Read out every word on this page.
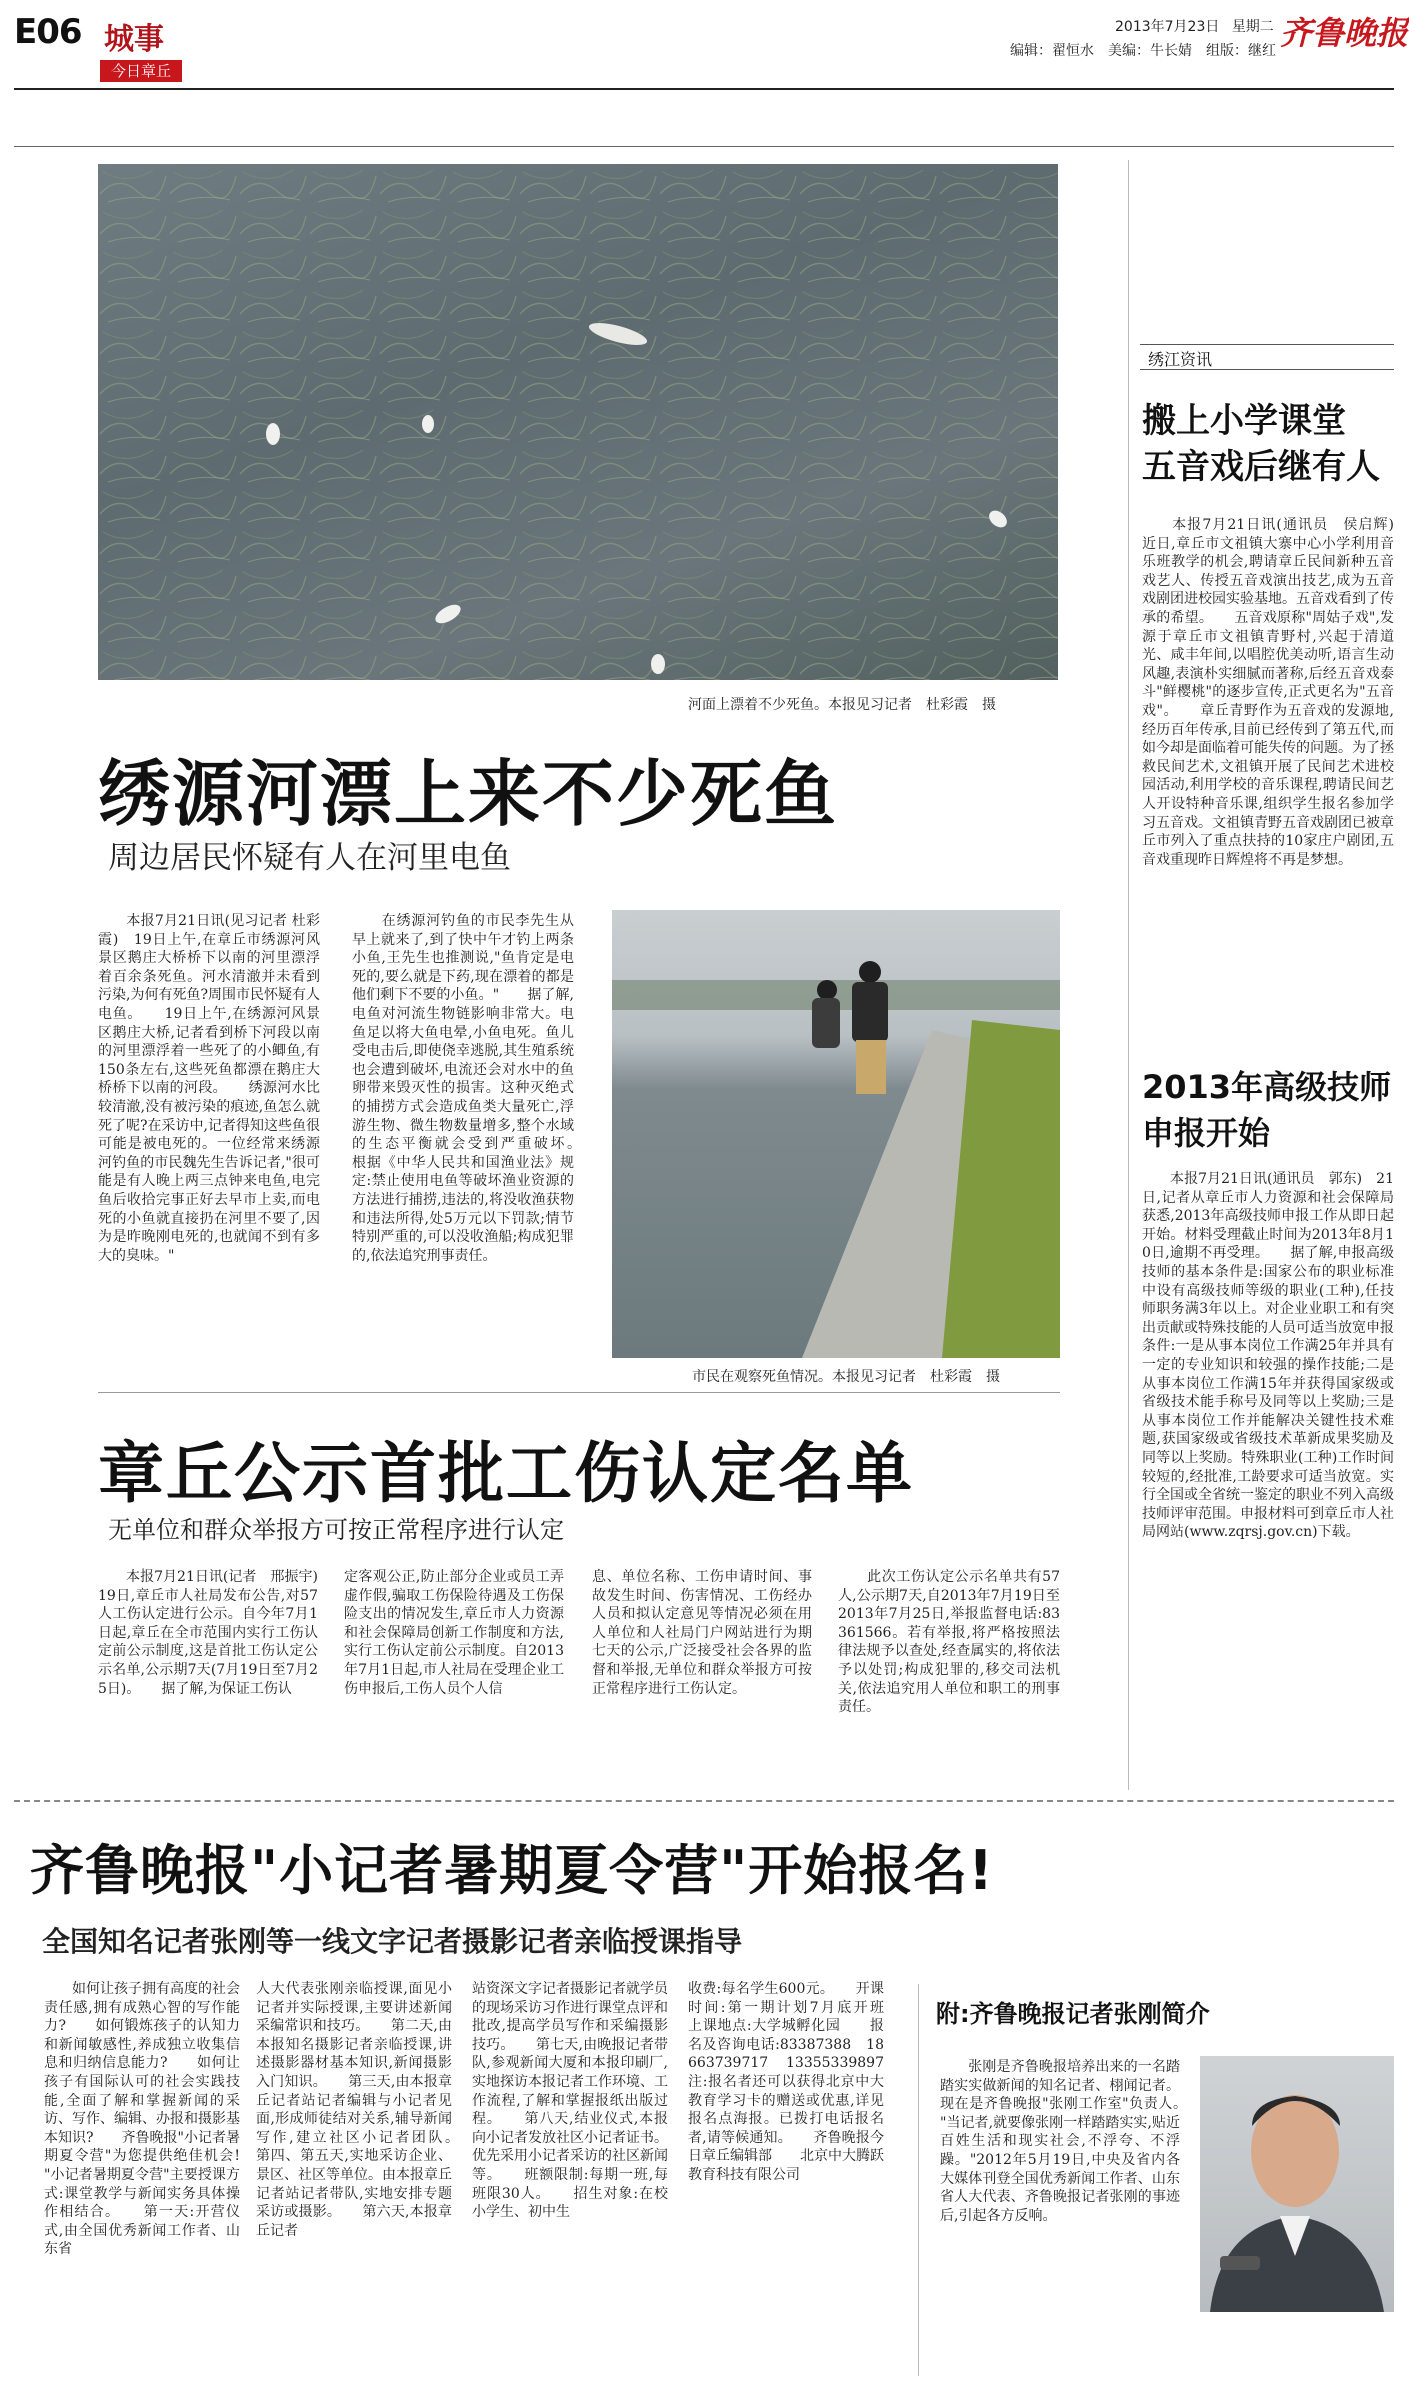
E06 城事
今日章丘
2013年7月23日 星期二
编辑：翟恒水　美编：牛长婧　组版：继红 齐鲁晚报
河面上漂着不少死鱼。本报见习记者　杜彩霞　摄
绣源河漂上来不少死鱼
周边居民怀疑有人在河里电鱼
　　本报7月21日讯(见习记者 杜彩霞)　19日上午,在章丘市绣源河风景区鹅庄大桥桥下以南的河里漂浮着百余条死鱼。河水清澈并未看到污染,为何有死鱼?周围市民怀疑有人电鱼。　　19日上午,在绣源河风景区鹅庄大桥,记者看到桥下河段以南的河里漂浮着一些死了的小鲫鱼,有150条左右,这些死鱼都漂在鹅庄大桥桥下以南的河段。　　绣源河水比较清澈,没有被污染的痕迹,鱼怎么就死了呢?在采访中,记者得知这些鱼很可能是被电死的。一位经常来绣源河钓鱼的市民魏先生告诉记者,"很可能是有人晚上两三点钟来电鱼,电完鱼后收拾完事正好去早市上卖,而电死的小鱼就直接扔在河里不要了,因为是昨晚刚电死的,也就闻不到有多大的臭味。"
　　在绣源河钓鱼的市民李先生从早上就来了,到了快中午才钓上两条小鱼,王先生也推测说,"鱼肯定是电死的,要么就是下药,现在漂着的都是他们剩下不要的小鱼。"　　据了解,电鱼对河流生物链影响非常大。电鱼足以将大鱼电晕,小鱼电死。鱼儿受电击后,即使侥幸逃脱,其生殖系统也会遭到破坏,电流还会对水中的鱼卵带来毁灭性的损害。这种灭绝式的捕捞方式会造成鱼类大量死亡,浮游生物、微生物数量增多,整个水域的生态平衡就会受到严重破坏。　　根据《中华人民共和国渔业法》规定:禁止使用电鱼等破坏渔业资源的方法进行捕捞,违法的,将没收渔获物和违法所得,处5万元以下罚款;情节特别严重的,可以没收渔船;构成犯罪的,依法追究刑事责任。
市民在观察死鱼情况。本报见习记者　杜彩霞　摄
章丘公示首批工伤认定名单
无单位和群众举报方可按正常程序进行认定
　　本报7月21日讯(记者　邢振宇)　19日,章丘市人社局发布公告,对57人工伤认定进行公示。自今年7月1日起,章丘在全市范围内实行工伤认定前公示制度,这是首批工伤认定公示名单,公示期7天(7月19日至7月25日)。　　据了解,为保证工伤认
定客观公正,防止部分企业或员工弄虚作假,骗取工伤保险待遇及工伤保险支出的情况发生,章丘市人力资源和社会保障局创新工作制度和方法,实行工伤认定前公示制度。自2013年7月1日起,市人社局在受理企业工伤申报后,工伤人员个人信
息、单位名称、工伤申请时间、事故发生时间、伤害情况、工伤经办人员和拟认定意见等情况必须在用人单位和人社局门户网站进行为期七天的公示,广泛接受社会各界的监督和举报,无单位和群众举报方可按正常程序进行工伤认定。
　　此次工伤认定公示名单共有57人,公示期7天,自2013年7月19日至2013年7月25日,举报监督电话:83361566。若有举报,将严格按照法律法规予以查处,经查属实的,将依法予以处罚;构成犯罪的,移交司法机关,依法追究用人单位和职工的刑事责任。
绣江资讯
搬上小学课堂
五音戏后继有人
　　本报7月21日讯(通讯员　侯启辉)　近日,章丘市文祖镇大寨中心小学利用音乐班教学的机会,聘请章丘民间新种五音戏艺人、传授五音戏演出技艺,成为五音戏剧团进校园实验基地。五音戏看到了传承的希望。　　五音戏原称"周姑子戏",发源于章丘市文祖镇青野村,兴起于清道光、咸丰年间,以唱腔优美动听,语言生动风趣,表演朴实细腻而著称,后经五音戏泰斗"鲜樱桃"的逐步宣传,正式更名为"五音戏"。　　章丘青野作为五音戏的发源地,经历百年传承,目前已经传到了第五代,而如今却是面临着可能失传的问题。为了拯救民间艺术,文祖镇开展了民间艺术进校园活动,利用学校的音乐课程,聘请民间艺人开设特种音乐课,组织学生报名参加学习五音戏。文祖镇青野五音戏剧团已被章丘市列入了重点扶持的10家庄户剧团,五音戏重现昨日辉煌将不再是梦想。
2013年高级技师
申报开始
　　本报7月21日讯(通讯员　郭东)　21日,记者从章丘市人力资源和社会保障局获悉,2013年高级技师申报工作从即日起开始。材料受理截止时间为2013年8月10日,逾期不再受理。　　据了解,申报高级技师的基本条件是:国家公布的职业标准中设有高级技师等级的职业(工种),任技师职务满3年以上。对企业业职工和有突出贡献或特殊技能的人员可适当放宽申报条件:一是从事本岗位工作满25年并具有一定的专业知识和较强的操作技能;二是从事本岗位工作满15年并获得国家级或省级技术能手称号及同等以上奖励;三是从事本岗位工作并能解决关键性技术难题,获国家级或省级技术革新成果奖励及同等以上奖励。特殊职业(工种)工作时间较短的,经批准,工龄要求可适当放宽。实行全国或全省统一鉴定的职业不列入高级技师评审范围。申报材料可到章丘市人社局网站(www.zqrsj.gov.cn)下载。
齐鲁晚报"小记者暑期夏令营"开始报名!
全国知名记者张刚等一线文字记者摄影记者亲临授课指导
　　如何让孩子拥有高度的社会责任感,拥有成熟心智的写作能力?　　如何锻炼孩子的认知力和新闻敏感性,养成独立收集信息和归纳信息能力?　　如何让孩子有国际认可的社会实践技能,全面了解和掌握新闻的采访、写作、编辑、办报和摄影基本知识?　　齐鲁晚报"小记者暑期夏令营"为您提供绝佳机会!　　"小记者暑期夏令营"主要授课方式:课堂教学与新闻实务具体操作相结合。　　第一天:开营仪式,由全国优秀新闻工作者、山东省
人大代表张刚亲临授课,面见小记者并实际授课,主要讲述新闻采编常识和技巧。　　第二天,由本报知名摄影记者亲临授课,讲述摄影器材基本知识,新闻摄影入门知识。　　第三天,由本报章丘记者站记者编辑与小记者见面,形成师徒结对关系,辅导新闻写作,建立社区小记者团队。　　第四、第五天,实地采访企业、景区、社区等单位。由本报章丘记者站记者带队,实地安排专题采访或摄影。　　第六天,本报章丘记者
站资深文字记者摄影记者就学员的现场采访习作进行课堂点评和批改,提高学员写作和采编摄影技巧。　　第七天,由晚报记者带队,参观新闻大厦和本报印刷厂,实地探访本报记者工作环境、工作流程,了解和掌握报纸出版过程。　　第八天,结业仪式,本报向小记者发放社区小记者证书。优先采用小记者采访的社区新闻等。　　班额限制:每期一班,每班限30人。　　招生对象:在校小学生、初中生
收费:每名学生600元。　　开课时间:第一期计划7月底开班　　上课地点:大学城孵化园　　报名及咨询电话:83387388　18663739717　13355339897　　注:报名者还可以获得北京中大教育学习卡的赠送或优惠,详见报名点海报。已拨打电话报名者,请等候通知。　　齐鲁晚报今日章丘编辑部　　北京中大腾跃教育科技有限公司
附:齐鲁晚报记者张刚简介
　　张刚是齐鲁晚报培养出来的一名踏踏实实做新闻的知名记者、栩闻记者。现在是齐鲁晚报"张刚工作室"负责人。　　"当记者,就要像张刚一样踏踏实实,贴近百姓生活和现实社会,不浮夸、不浮躁。"2012年5月19日,中央及省内各大媒体刊登全国优秀新闻工作者、山东省人大代表、齐鲁晚报记者张刚的事迹后,引起各方反响。
